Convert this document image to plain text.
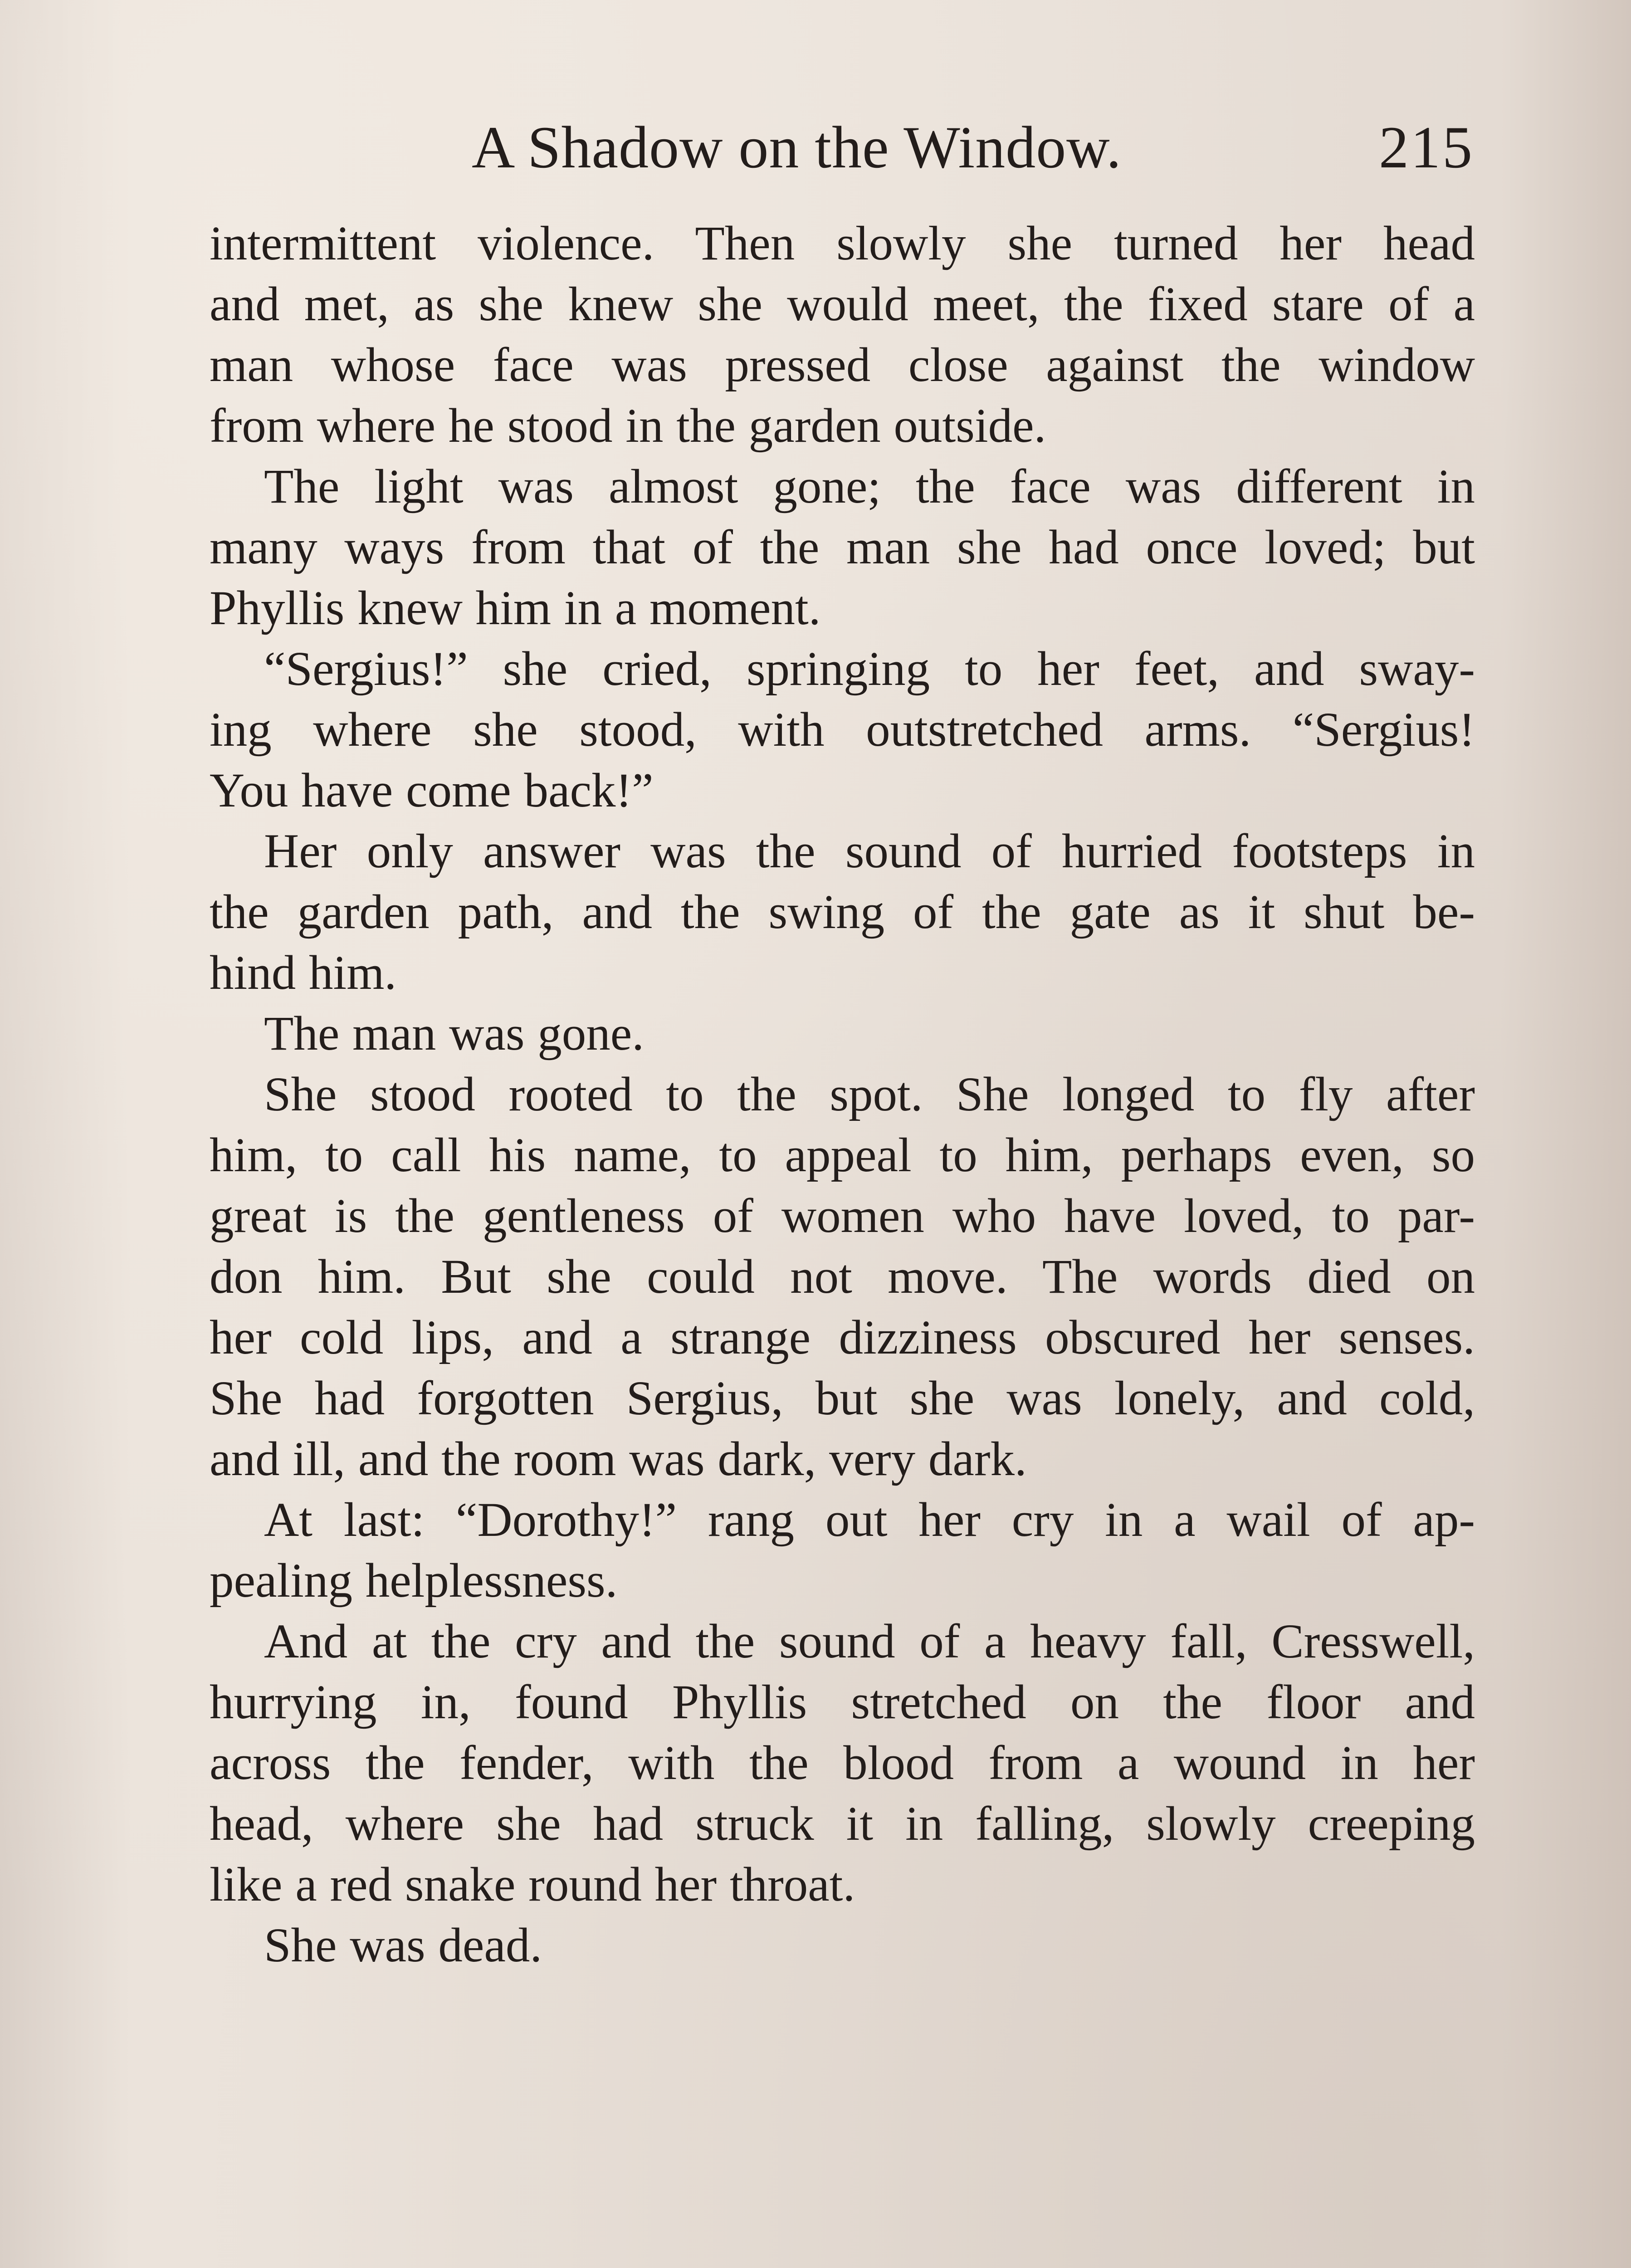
A Shadow on the Window.	215
intermittent violence. Then slowly she turned her head
and met, as she knew she would meet, the fixed stare of a
man whose face was pressed close against the window
from where he stood in the garden outside.
The light was almost gone; the face was different in
many ways from that of the man she had once loved; but
Phyllis knew him in a moment.
“Sergius!” she cried, springing to her feet, and sway-
ing where she stood, with outstretched arms. “Sergius!
You have come back!”
Her only answer was the sound of hurried footsteps in
the garden path, and the swing of the gate as it shut be-
hind him.
The man was gone.
She stood rooted to the spot. She longed to fly after
him, to call his name, to appeal to him, perhaps even, so
great is the gentleness of women who have loved, to par-
don him. But she could not move. The words died on
her cold lips, and a strange dizziness obscured her senses.
She had forgotten Sergius, but she was lonely, and cold,
and ill, and the room was dark, very dark.
At last: “Dorothy!” rang out her cry in a wail of ap-
pealing helplessness.
And at the cry and the sound of a heavy fall, Cresswell,
hurrying in, found Phyllis stretched on the floor and
across the fender, with the blood from a wound in her
head, where she had struck it in falling, slowly creeping
like a red snake round her throat.
She was dead.
